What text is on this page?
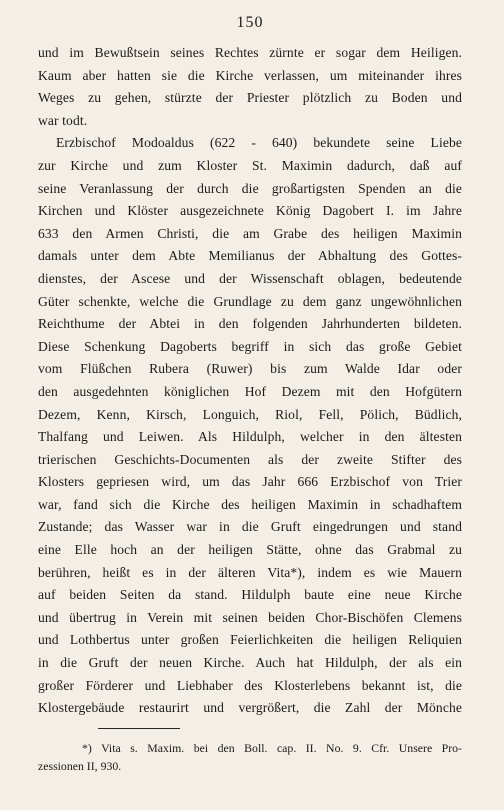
150
und im Bewußtsein seines Rechtes zürnte er sogar dem Heiligen.
Kaum aber hatten sie die Kirche verlassen, um miteinander ihres
Weges zu gehen, stürzte der Priester plötzlich zu Boden und
war todt.
Erzbischof Modoaldus (622 - 640) bekundete seine Liebe
zur Kirche und zum Kloster St. Maximin dadurch, daß auf
seine Veranlassung der durch die großartigsten Spenden an die
Kirchen und Klöster ausgezeichnete König Dagobert I. im Jahre
633 den Armen Christi, die am Grabe des heiligen Maximin
damals unter dem Abte Memilianus der Abhaltung des Gottes-
dienstes, der Ascese und der Wissenschaft oblagen, bedeutende
Güter schenkte, welche die Grundlage zu dem ganz ungewöhnlichen
Reichthume der Abtei in den folgenden Jahrhunderten bildeten.
Diese Schenkung Dagoberts begriff in sich das große Gebiet
vom Flüßchen Rubera (Ruwer) bis zum Walde Idar oder
den ausgedehnten königlichen Hof Dezem mit den Hofgütern
Dezem, Kenn, Kirsch, Longuich, Riol, Fell, Pölich, Büdlich,
Thalfang und Leiwen. Als Hildulph, welcher in den ältesten
trierischen Geschichts-Documenten als der zweite Stifter des
Klosters gepriesen wird, um das Jahr 666 Erzbischof von Trier
war, fand sich die Kirche des heiligen Maximin in schadhaftem
Zustande; das Wasser war in die Gruft eingedrungen und stand
eine Elle hoch an der heiligen Stätte, ohne das Grabmal zu
berühren, heißt es in der älteren Vita*), indem es wie Mauern
auf beiden Seiten da stand. Hildulph baute eine neue Kirche
und übertrug in Verein mit seinen beiden Chor-Bischöfen Clemens
und Lothbertus unter großen Feierlichkeiten die heiligen Reliquien
in die Gruft der neuen Kirche. Auch hat Hildulph, der als ein
großer Förderer und Liebhaber des Klosterlebens bekannt ist, die
Klostergebäude restaurirt und vergrößert, die Zahl der Mönche
*) Vita s. Maxim. bei den Boll. cap. II. No. 9. Cfr. Unsere Pro-
zessionen II, 930.
